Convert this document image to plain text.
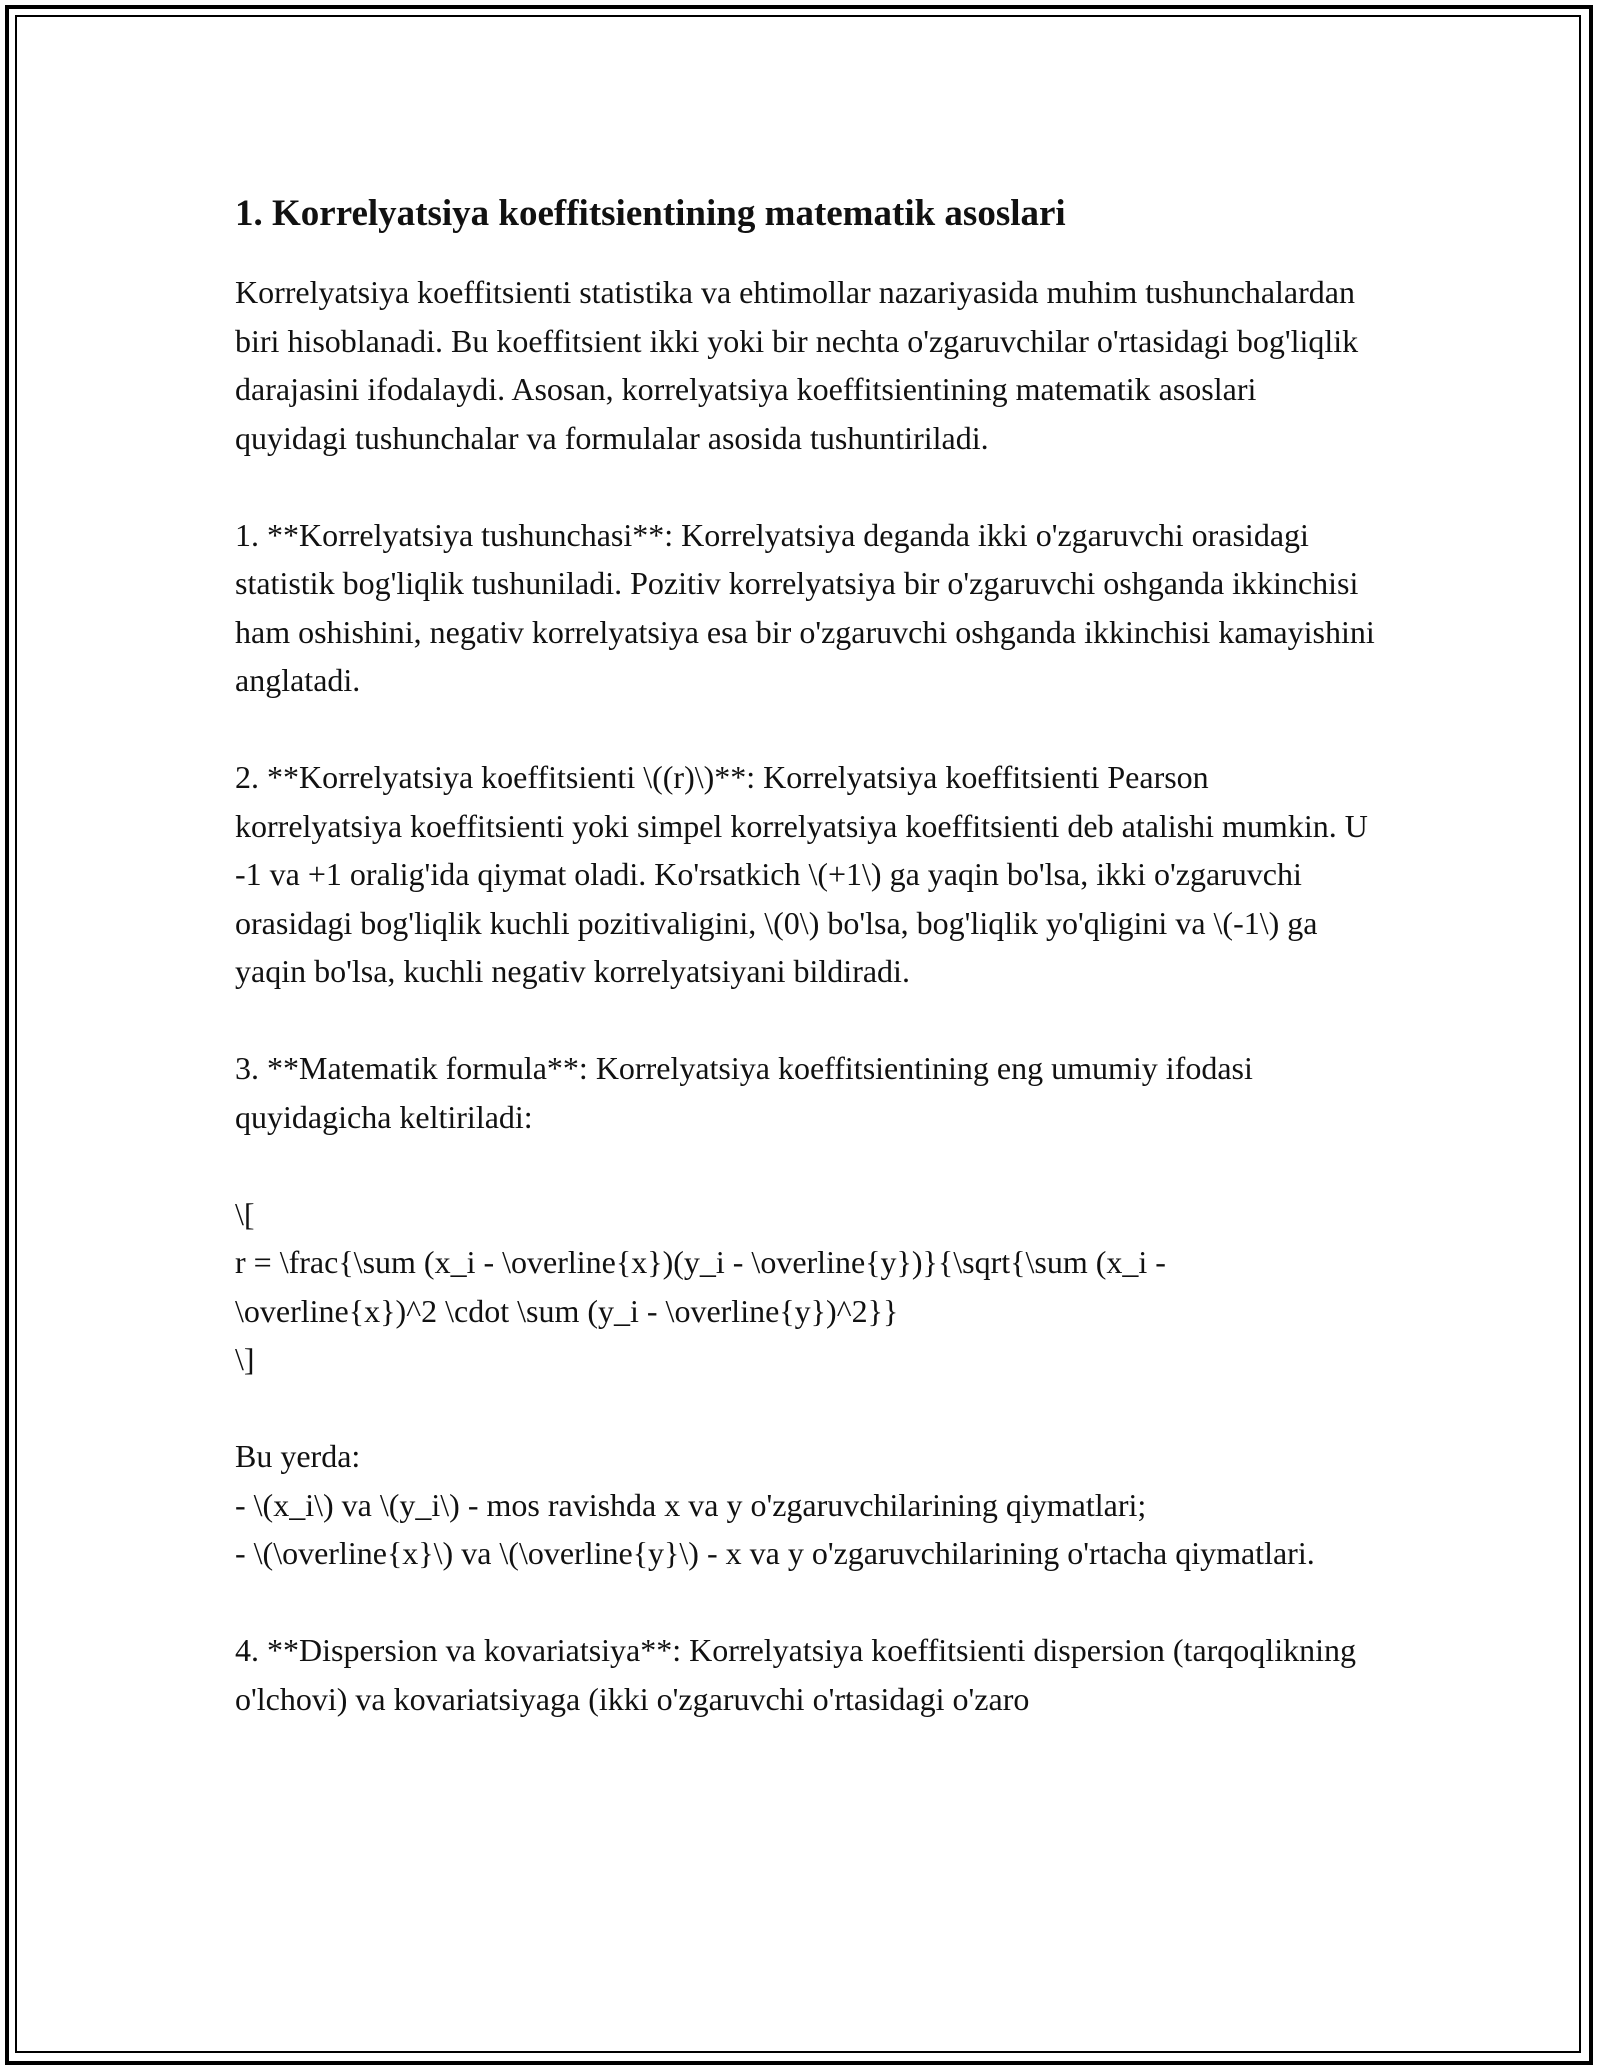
1. Korrelyatsiya koeffitsientining matematik asoslari

Korrelyatsiya koeffitsienti statistika va ehtimollar nazariyasida muhim tushunchalardan biri hisoblanadi. Bu koeffitsient ikki yoki bir nechta o'zgaruvchilar o'rtasidagi bog'liqlik darajasini ifodalaydi. Asosan, korrelyatsiya koeffitsientining matematik asoslari quyidagi tushunchalar va formulalar asosida tushuntiriladi.

1. **Korrelyatsiya tushunchasi**: Korrelyatsiya deganda ikki o'zgaruvchi orasidagi statistik bog'liqlik tushuniladi. Pozitiv korrelyatsiya bir o'zgaruvchi oshganda ikkinchisi ham oshishini, negativ korrelyatsiya esa bir o'zgaruvchi oshganda ikkinchisi kamayishini anglatadi.

2. **Korrelyatsiya koeffitsienti \((r)\)**: Korrelyatsiya koeffitsienti Pearson korrelyatsiya koeffitsienti yoki simpel korrelyatsiya koeffitsienti deb atalishi mumkin. U -1 va +1 oralig'ida qiymat oladi. Ko'rsatkich \(+1\) ga yaqin bo'lsa, ikki o'zgaruvchi orasidagi bog'liqlik kuchli pozitivaligini, \(0\) bo'lsa, bog'liqlik yo'qligini va \(-1\) ga yaqin bo'lsa, kuchli negativ korrelyatsiyani bildiradi.

3. **Matematik formula**: Korrelyatsiya koeffitsientining eng umumiy ifodasi quyidagicha keltiriladi:

\[

r = \frac{\sum (x_i - \overline{x})(y_i - \overline{y})}{\sqrt{\sum (x_i - \overline{x})^2 \cdot \sum (y_i - \overline{y})^2}}

\]

Bu yerda:

- \(x_i\) va \(y_i\) - mos ravishda x va y o'zgaruvchilarining qiymatlari;

- \(\overline{x}\) va \(\overline{y}\) - x va y o'zgaruvchilarining o'rtacha qiymatlari.

4. **Dispersion va kovariatsiya**: Korrelyatsiya koeffitsienti dispersion (tarqoqlikning o'lchovi) va kovariatsiyaga (ikki o'zgaruvchi o'rtasidagi o'zaro
